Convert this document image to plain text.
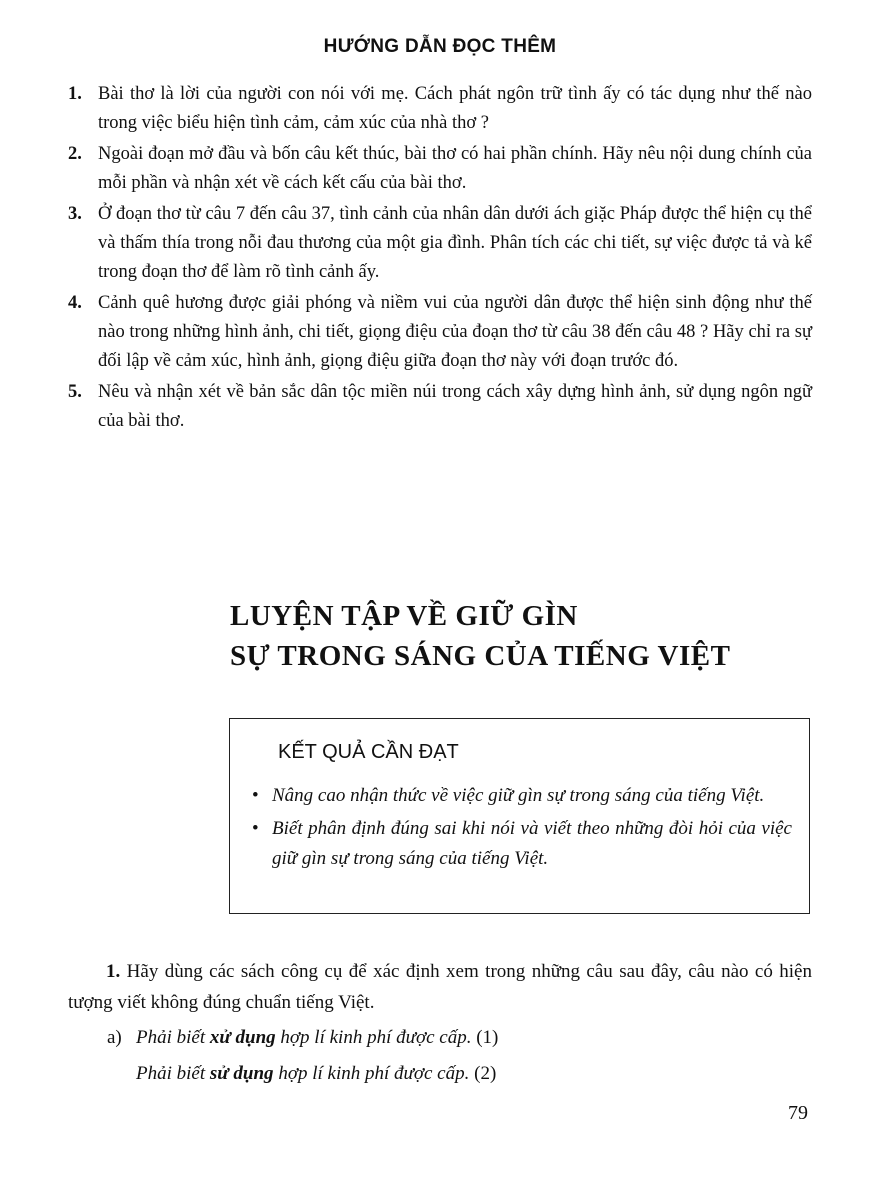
HƯỚNG DẪN ĐỌC THÊM
1. Bài thơ là lời của người con nói với mẹ. Cách phát ngôn trữ tình ấy có tác dụng như thế nào trong việc biểu hiện tình cảm, cảm xúc của nhà thơ ?
2. Ngoài đoạn mở đầu và bốn câu kết thúc, bài thơ có hai phần chính. Hãy nêu nội dung chính của mỗi phần và nhận xét về cách kết cấu của bài thơ.
3. Ở đoạn thơ từ câu 7 đến câu 37, tình cảnh của nhân dân dưới ách giặc Pháp được thể hiện cụ thể và thấm thía trong nỗi đau thương của một gia đình. Phân tích các chi tiết, sự việc được tả và kể trong đoạn thơ để làm rõ tình cảnh ấy.
4. Cảnh quê hương được giải phóng và niềm vui của người dân được thể hiện sinh động như thế nào trong những hình ảnh, chi tiết, giọng điệu của đoạn thơ từ câu 38 đến câu 48 ? Hãy chỉ ra sự đối lập về cảm xúc, hình ảnh, giọng điệu giữa đoạn thơ này với đoạn trước đó.
5. Nêu và nhận xét về bản sắc dân tộc miền núi trong cách xây dựng hình ảnh, sử dụng ngôn ngữ của bài thơ.
LUYỆN TẬP VỀ GIỮ GÌN
SỰ TRONG SÁNG CỦA TIẾNG VIỆT
KẾT QUẢ CẦN ĐẠT
• Nâng cao nhận thức về việc giữ gìn sự trong sáng của tiếng Việt.
• Biết phân định đúng sai khi nói và viết theo những đòi hỏi của việc giữ gìn sự trong sáng của tiếng Việt.
1. Hãy dùng các sách công cụ để xác định xem trong những câu sau đây, câu nào có hiện tượng viết không đúng chuẩn tiếng Việt.
a) Phải biết xử dụng hợp lí kinh phí được cấp. (1)
Phải biết sử dụng hợp lí kinh phí được cấp. (2)
79
